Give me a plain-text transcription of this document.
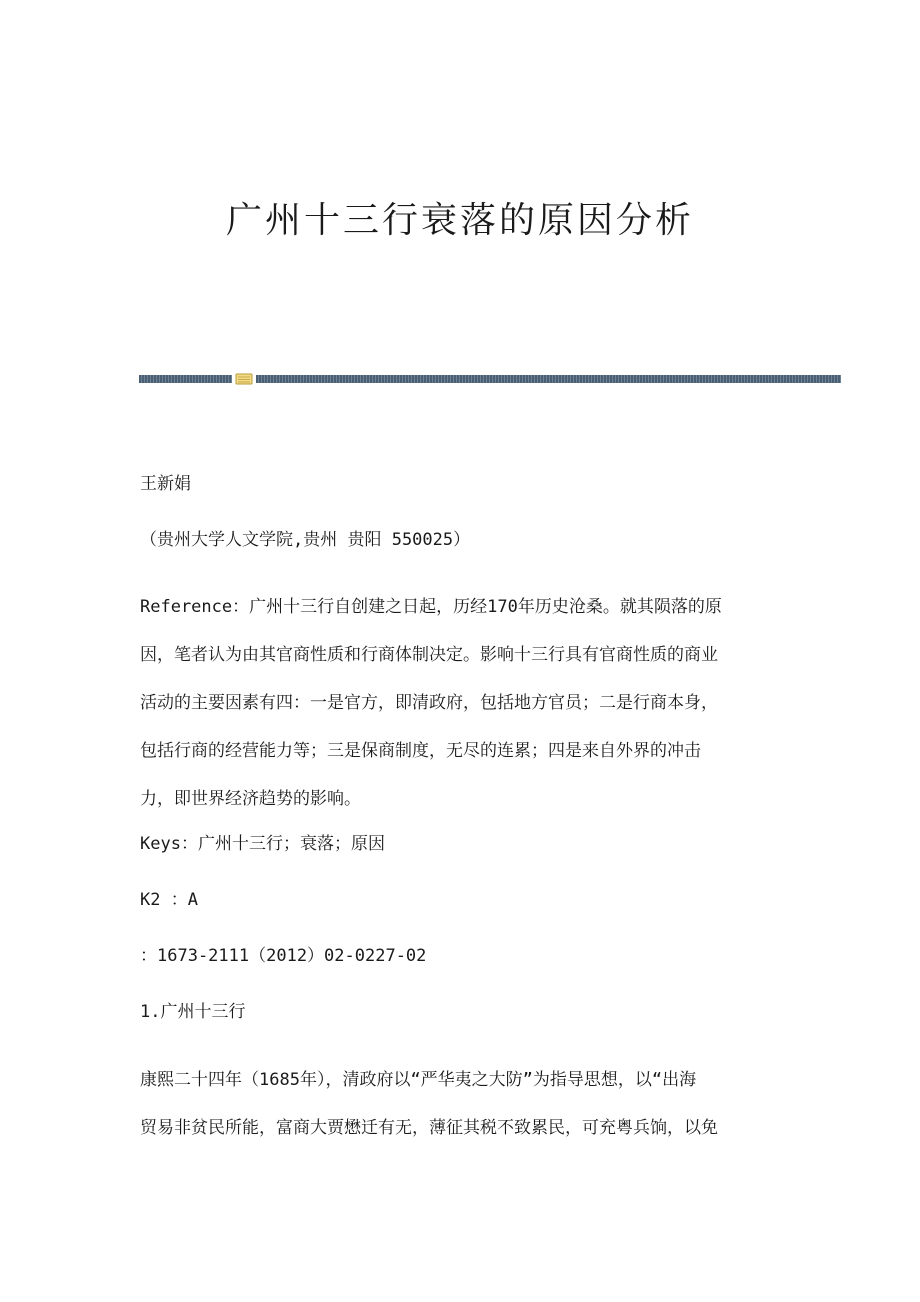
广州十三行衰落的原因分析
王新娟
（贵州大学人文学院,贵州 贵阳 550025）
Reference：广州十三行自创建之日起，历经170年历史沧桑。就其陨落的原
因，笔者认为由其官商性质和行商体制决定。影响十三行具有官商性质的商业
活动的主要因素有四：一是官方，即清政府，包括地方官员；二是行商本身，
包括行商的经营能力等；三是保商制度，无尽的连累；四是来自外界的冲击
力，即世界经济趋势的影响。
Keys：广州十三行；衰落；原因
K2 ：A
：1673-2111（2012）02-0227-02
1.广州十三行
康熙二十四年（1685年），清政府以“严华夷之大防”为指导思想，以“出海
贸易非贫民所能，富商大贾懋迁有无，薄征其税不致累民，可充粤兵饷，以免
